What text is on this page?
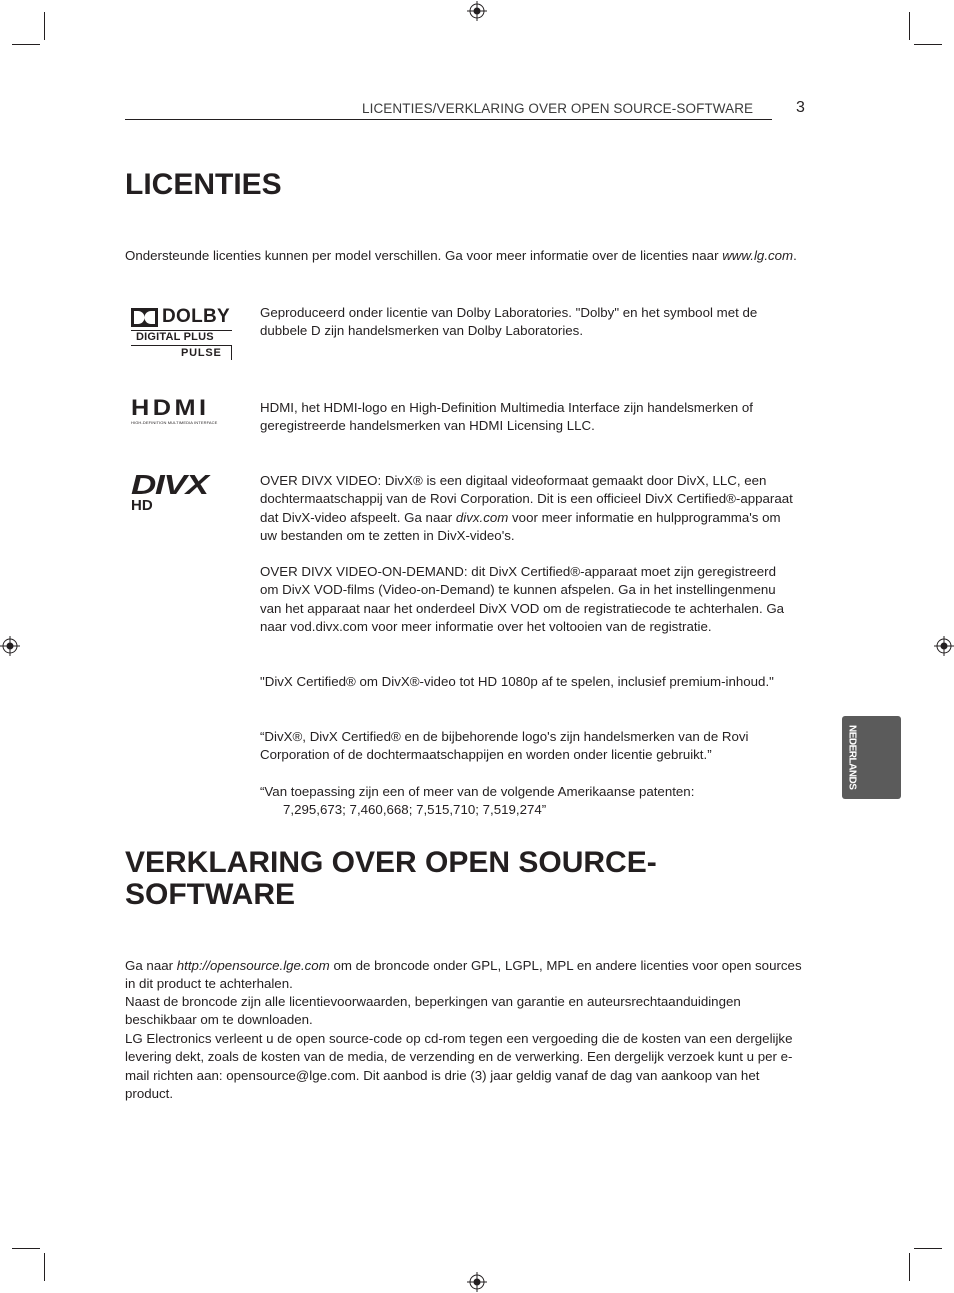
LICENTIES/VERKLARING OVER OPEN SOURCE-SOFTWARE	3
NEDERLANDS
LICENTIES

Ondersteunde licenties kunnen per model verschillen. Ga voor meer informatie over de licenties naar www.lg.com.

DOLBY
DIGITAL PLUS
PULSE

Geproduceerd onder licentie van Dolby Laboratories. "Dolby" en het symbool met de dubbele D zijn handelsmerken van Dolby Laboratories.

HDMI
HIGH-DEFINITION MULTIMEDIA INTERFACE

HDMI, het HDMI-logo en High-Definition Multimedia Interface zijn handelsmerken of geregistreerde handelsmerken van HDMI Licensing LLC.

DIVX
HD

OVER DIVX VIDEO: DivX® is een digitaal videoformaat gemaakt door DivX, LLC, een dochtermaatschappij van de Rovi Corporation. Dit is een officieel DivX Certified®-apparaat dat DivX-video afspeelt. Ga naar divx.com voor meer informatie en hulpprogramma's om uw bestanden om te zetten in DivX-video's.

OVER DIVX VIDEO-ON-DEMAND: dit DivX Certified®-apparaat moet zijn geregistreerd om DivX VOD-films (Video-on-Demand) te kunnen afspelen. Ga in het instellingenmenu van het apparaat naar het onderdeel DivX VOD om de registratiecode te achterhalen. Ga naar vod.divx.com voor meer informatie over het voltooien van de registratie.

"DivX Certified® om DivX®-video tot HD 1080p af te spelen, inclusief premium-inhoud."

“DivX®, DivX Certified® en de bijbehorende logo's zijn handelsmerken van de Rovi Corporation of de dochtermaatschappijen en worden onder licentie gebruikt.”

“Van toepassing zijn een of meer van de volgende Amerikaanse patenten:
7,295,673; 7,460,668; 7,515,710; 7,519,274”
VERKLARING OVER OPEN SOURCE-
SOFTWARE

Ga naar http://opensource.lge.com om de broncode onder GPL, LGPL, MPL en andere licenties voor open sources in dit product te achterhalen.

Naast de broncode zijn alle licentievoorwaarden, beperkingen van garantie en auteursrechtaanduidingen beschikbaar om te downloaden.

LG Electronics verleent u de open source-code op cd-rom tegen een vergoeding die de kosten van een dergelijke levering dekt, zoals de kosten van de media, de verzending en de verwerking. Een dergelijk verzoek kunt u per e-mail richten aan: opensource@lge.com. Dit aanbod is drie (3) jaar geldig vanaf de dag van aankoop van het product.
